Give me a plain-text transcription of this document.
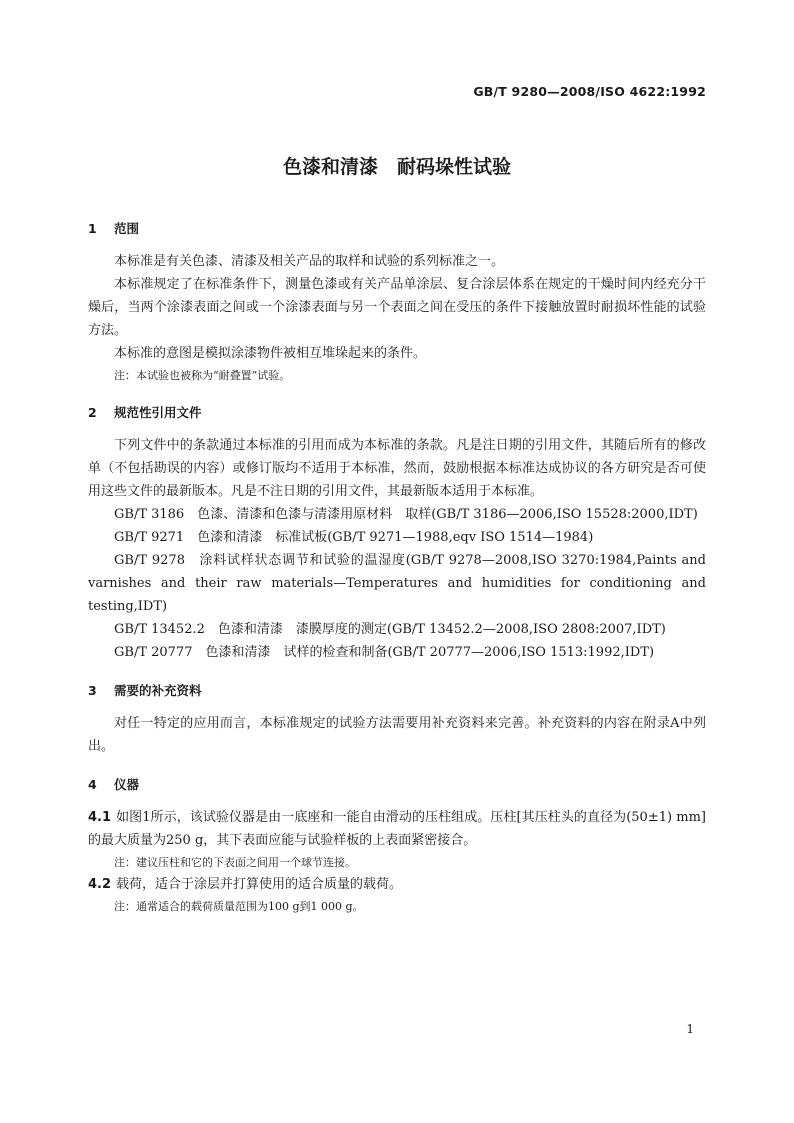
GB/T 9280—2008/ISO 4622:1992
色漆和清漆　耐码垛性试验

1 范围

本标准是有关色漆、清漆及相关产品的取样和试验的系列标准之一。

本标准规定了在标准条件下，测量色漆或有关产品单涂层、复合涂层体系在规定的干燥时间内经充分干燥后，当两个涂漆表面之间或一个涂漆表面与另一个表面之间在受压的条件下接触放置时耐损坏性能的试验方法。

本标准的意图是模拟涂漆物件被相互堆垛起来的条件。

注：本试验也被称为“耐叠置”试验。

2 规范性引用文件

下列文件中的条款通过本标准的引用而成为本标准的条款。凡是注日期的引用文件，其随后所有的修改单（不包括勘误的内容）或修订版均不适用于本标准，然而，鼓励根据本标准达成协议的各方研究是否可使用这些文件的最新版本。凡是不注日期的引用文件，其最新版本适用于本标准。

GB/T 3186　色漆、清漆和色漆与清漆用原材料　取样(GB/T 3186—2006,ISO 15528:2000,IDT)

GB/T 9271　色漆和清漆　标准试板(GB/T 9271—1988,eqv ISO 1514—1984)

GB/T 9278　涂料试样状态调节和试验的温湿度(GB/T 9278—2008,ISO 3270:1984,Paints and varnishes and their raw materials—Temperatures and humidities for conditioning and testing,IDT)

GB/T 13452.2　色漆和清漆　漆膜厚度的测定(GB/T 13452.2—2008,ISO 2808:2007,IDT)

GB/T 20777　色漆和清漆　试样的检查和制备(GB/T 20777—2006,ISO 1513:1992,IDT)

3 需要的补充资料

对任一特定的应用而言，本标准规定的试验方法需要用补充资料来完善。补充资料的内容在附录A中列出。

4 仪器

4.1 如图1所示，该试验仪器是由一底座和一能自由滑动的压柱组成。压柱[其压柱头的直径为(50±1) mm]的最大质量为250 g，其下表面应能与试验样板的上表面紧密接合。

注：建议压柱和它的下表面之间用一个球节连接。

4.2 载荷，适合于涂层并打算使用的适合质量的载荷。

注：通常适合的载荷质量范围为100 g到1 000 g。

1
